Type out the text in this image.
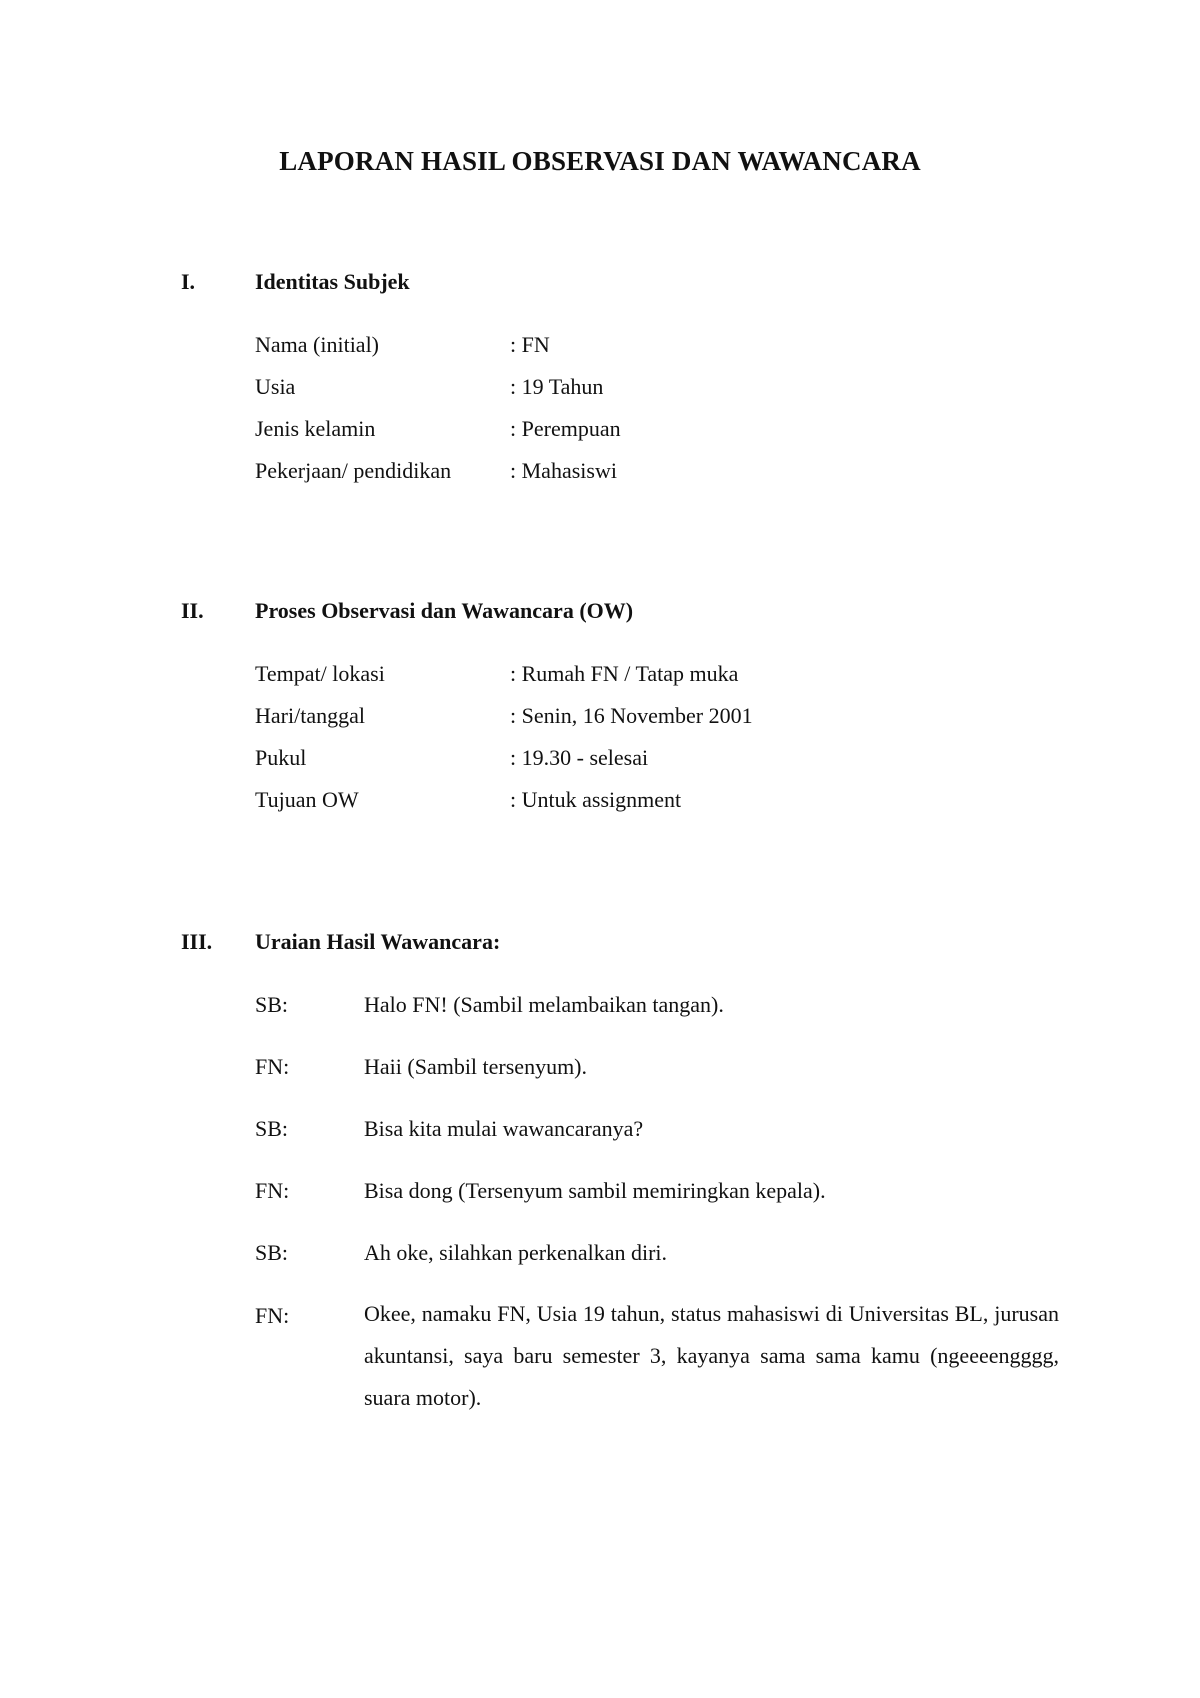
LAPORAN HASIL OBSERVASI DAN WAWANCARA
I.	Identitas Subjek
Nama (initial)	: FN
Usia	: 19 Tahun
Jenis kelamin	: Perempuan
Pekerjaan/ pendidikan	: Mahasiswi
II. Proses Observasi dan Wawancara (OW)
Tempat/ lokasi	: Rumah FN / Tatap muka
Hari/tanggal	: Senin, 16 November 2001
Pukul	: 19.30 - selesai
Tujuan OW	: Untuk assignment
III. Uraian Hasil Wawancara:
SB:	Halo FN! (Sambil melambaikan tangan).
FN:	Haii (Sambil tersenyum).
SB:	Bisa kita mulai wawancaranya?
FN:	Bisa dong (Tersenyum sambil memiringkan kepala).
SB:	Ah oke, silahkan perkenalkan diri.
FN:	Okee, namaku FN, Usia 19 tahun, status mahasiswi di Universitas BL, jurusan akuntansi, saya baru semester 3, kayanya sama sama kamu (ngeeeengggg, suara motor).
